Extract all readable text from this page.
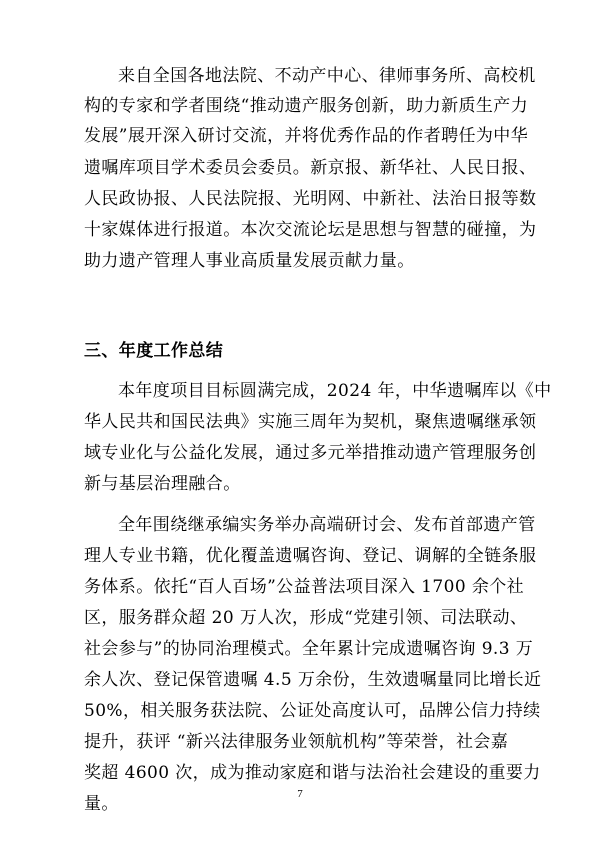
来自全国各地法院、不动产中心、律师事务所、高校机
构的专家和学者围绕“推动遗产服务创新，助力新质生产力
发展”展开深入研讨交流，并将优秀作品的作者聘任为中华
遗嘱库项目学术委员会委员。新京报、新华社、人民日报、
人民政协报、人民法院报、光明网、中新社、法治日报等数
十家媒体进行报道。本次交流论坛是思想与智慧的碰撞，为
助力遗产管理人事业高质量发展贡献力量。
三、年度工作总结
本年度项目目标圆满完成，2024 年，中华遗嘱库以《中
华人民共和国民法典》实施三周年为契机，聚焦遗嘱继承领
域专业化与公益化发展，通过多元举措推动遗产管理服务创
新与基层治理融合。
全年围绕继承编实务举办高端研讨会、发布首部遗产管
理人专业书籍，优化覆盖遗嘱咨询、登记、调解的全链条服
务体系。依托“百人百场”公益普法项目深入 1700 余个社
区，服务群众超 20 万人次，形成“党建引领、司法联动、
社会参与”的协同治理模式。全年累计完成遗嘱咨询 9.3 万
余人次、登记保管遗嘱 4.5 万余份，生效遗嘱量同比增长近
50%，相关服务获法院、公证处高度认可，品牌公信力持续
提升，获评 “新兴法律服务业领航机构”等荣誉，社会嘉
奖超 4600 次，成为推动家庭和谐与法治社会建设的重要力
量。	7
